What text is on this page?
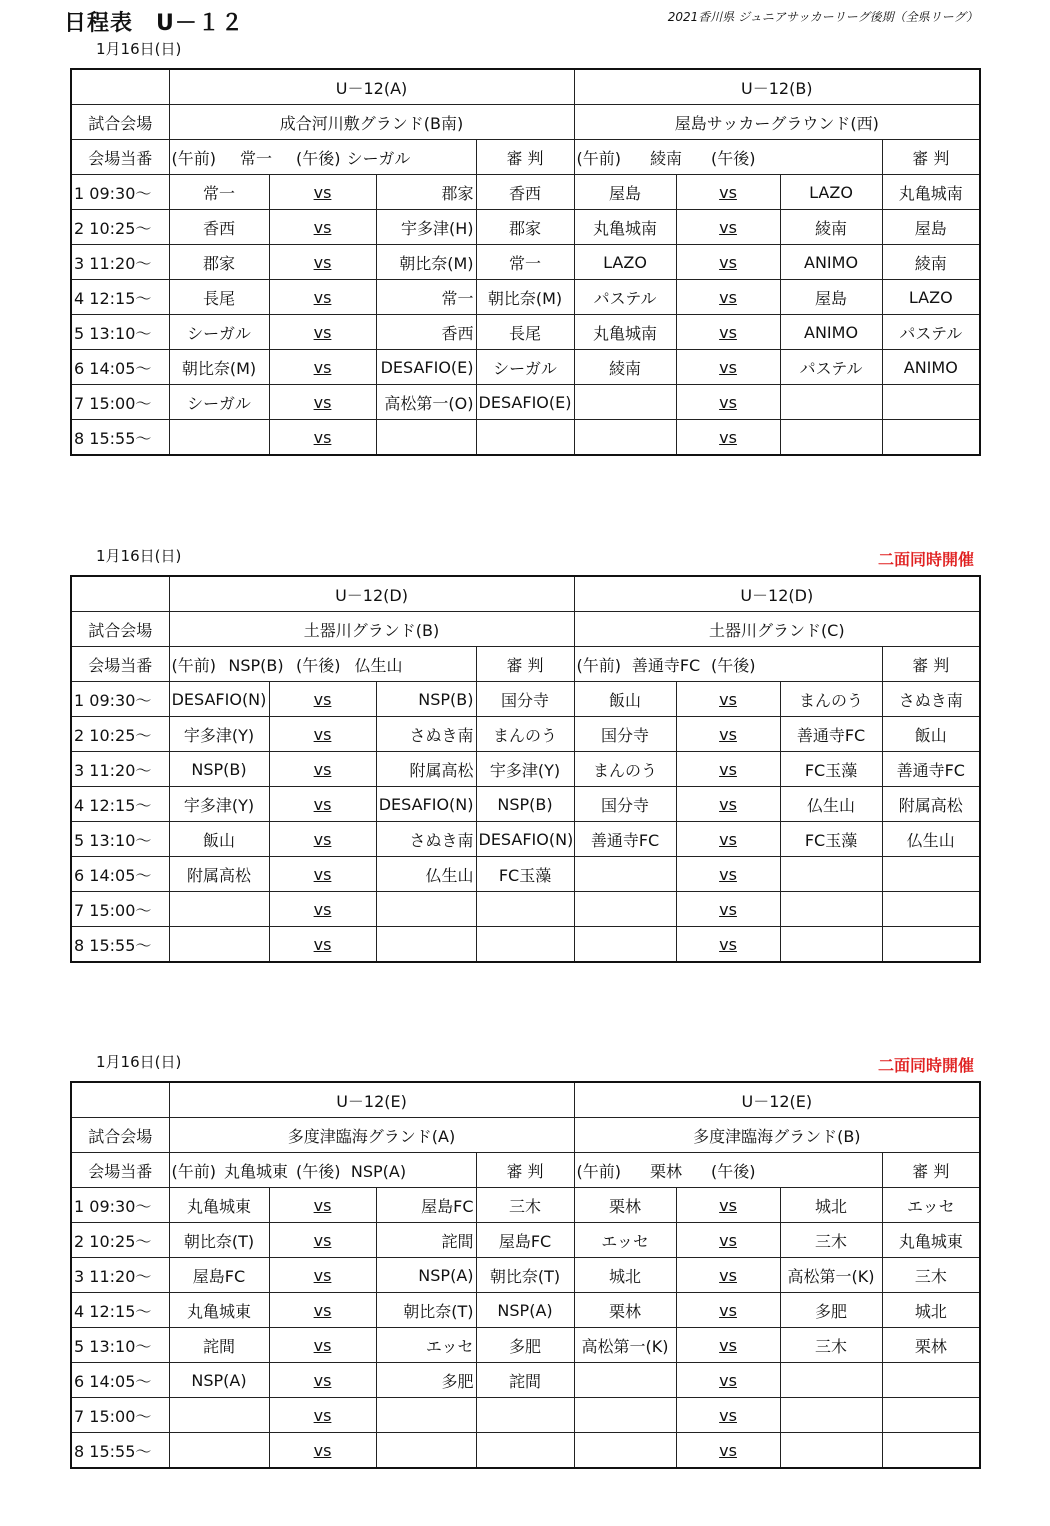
日程表　U－１２	2021香川県 ジュニアサッカーリーグ後期（全県リーグ）
1月16日(日)
	U－12(A)				U－12(B)			
試合会場	成合河川敷グランド(B南)				屋島サッカーグラウンド(西)			
会場当番	(午前) 常一 (午後) シーガル			審 判	(午前) 綾南 (午後)			審 判
1 09:30～	常一	vs	郡家	香西	屋島	vs	LAZO	丸亀城南
2 10:25～	香西	vs	宇多津(H)	郡家	丸亀城南	vs	綾南	屋島
3 11:20～	郡家	vs	朝比奈(M)	常一	LAZO	vs	ANIMO	綾南
4 12:15～	長尾	vs	常一	朝比奈(M)	パステル	vs	屋島	LAZO
5 13:10～	シーガル	vs	香西	長尾	丸亀城南	vs	ANIMO	パステル
6 14:05～	朝比奈(M)	vs	DESAFIO(E)	シーガル	綾南	vs	パステル	ANIMO
7 15:00～	シーガル	vs	高松第一(O)	DESAFIO(E)		vs		
8 15:55～		vs				vs		
1月16日(日)	二面同時開催
	U－12(D)				U－12(D)			
試合会場	土器川グランド(B)				土器川グランド(C)			
会場当番	(午前) NSP(B) (午後) 仏生山			審 判	(午前) 善通寺FC (午後)			審 判
1 09:30～	DESAFIO(N)	vs	NSP(B)	国分寺	飯山	vs	まんのう	さぬき南
2 10:25～	宇多津(Y)	vs	さぬき南	まんのう	国分寺	vs	善通寺FC	飯山
3 11:20～	NSP(B)	vs	附属高松	宇多津(Y)	まんのう	vs	FC玉藻	善通寺FC
4 12:15～	宇多津(Y)	vs	DESAFIO(N)	NSP(B)	国分寺	vs	仏生山	附属高松
5 13:10～	飯山	vs	さぬき南	DESAFIO(N)	善通寺FC	vs	FC玉藻	仏生山
6 14:05～	附属高松	vs	仏生山	FC玉藻		vs		
7 15:00～		vs				vs		
8 15:55～		vs				vs		
1月16日(日)	二面同時開催
	U－12(E)				U－12(E)			
試合会場	多度津臨海グランド(A)				多度津臨海グランド(B)			
会場当番	(午前) 丸亀城東 (午後) NSP(A)			審 判	(午前) 栗林 (午後)			審 判
1 09:30～	丸亀城東	vs	屋島FC	三木	栗林	vs	城北	エッセ
2 10:25～	朝比奈(T)	vs	詫間	屋島FC	エッセ	vs	三木	丸亀城東
3 11:20～	屋島FC	vs	NSP(A)	朝比奈(T)	城北	vs	高松第一(K)	三木
4 12:15～	丸亀城東	vs	朝比奈(T)	NSP(A)	栗林	vs	多肥	城北
5 13:10～	詫間	vs	エッセ	多肥	高松第一(K)	vs	三木	栗林
6 14:05～	NSP(A)	vs	多肥	詫間		vs		
7 15:00～		vs				vs		
8 15:55～		vs				vs		
